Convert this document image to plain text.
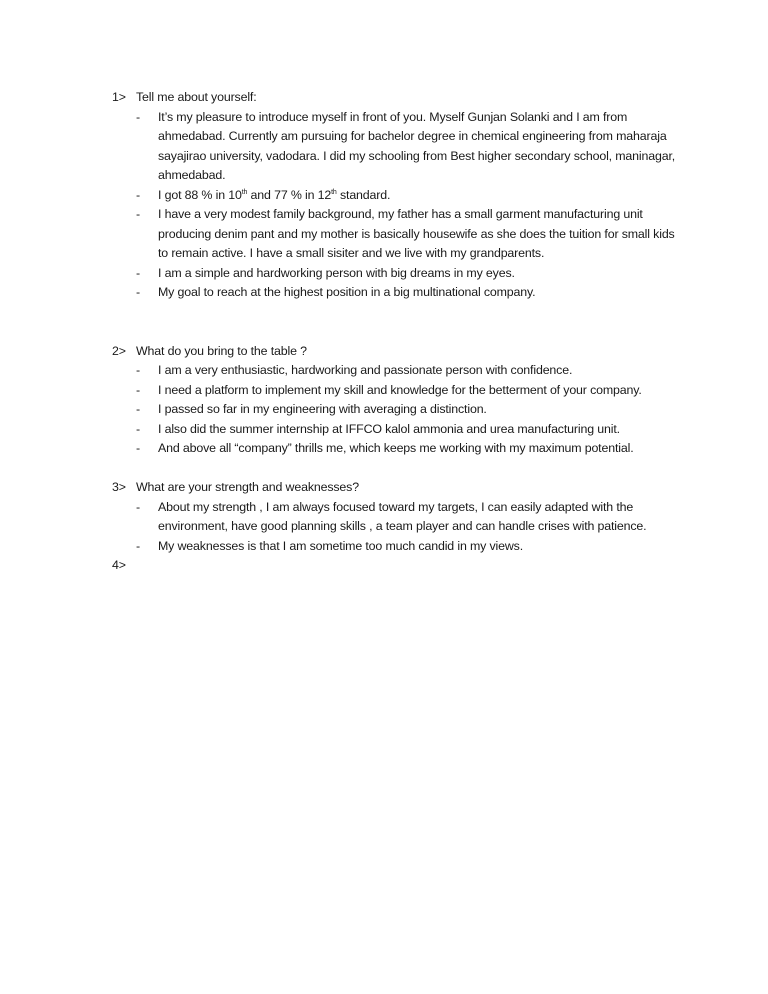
1> Tell me about yourself:
- It’s my pleasure to introduce myself in front of you. Myself Gunjan Solanki and I am from ahmedabad. Currently am pursuing for bachelor degree in chemical engineering from maharaja sayajirao university, vadodara. I did my schooling from Best higher secondary school, maninagar, ahmedabad.
- I got 88 % in 10th and 77 % in 12th standard.
- I have a very modest family background, my father has a small garment manufacturing unit producing denim pant and my mother is basically housewife as she does the tuition for small kids to remain active. I have a small sisiter and we live with my grandparents.
- I am a simple and hardworking person with big dreams in my eyes.
- My goal to reach at the highest position in a big multinational company.
2> What do you bring to the table ?
- I am a very enthusiastic, hardworking and passionate person with confidence.
- I need a platform to implement my skill and knowledge for the betterment of your company.
- I passed so far in my engineering with averaging a distinction.
- I also did the summer internship at IFFCO kalol ammonia and urea manufacturing unit.
- And above all “company” thrills me, which keeps me working with my maximum potential.
3> What are your strength and weaknesses?
- About my strength , I am always focused toward my targets, I can easily adapted with the environment, have good planning skills , a team player and can handle crises with patience.
- My weaknesses is that I am sometime too much candid in my views.
4>
